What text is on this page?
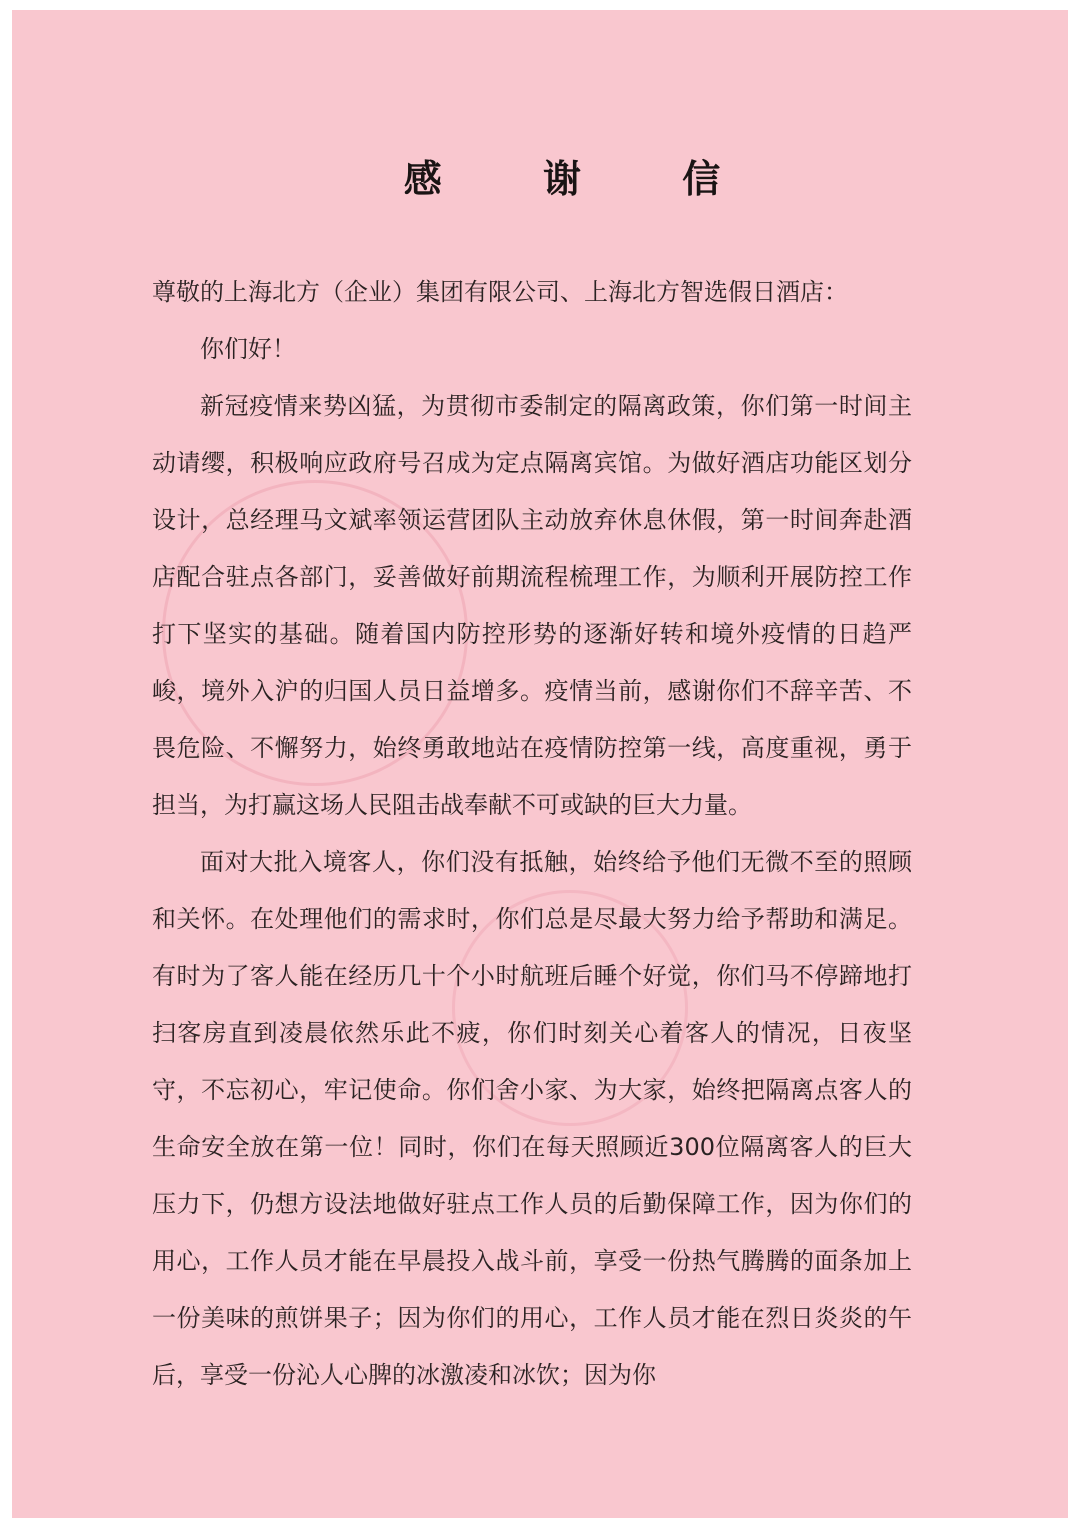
感 谢 信

尊敬的上海北方（企业）集团有限公司、上海北方智选假日酒店：

你们好！

新冠疫情来势凶猛，为贯彻市委制定的隔离政策，你们第一时间主动请缨，积极响应政府号召成为定点隔离宾馆。为做好酒店功能区划分设计，总经理马文斌率领运营团队主动放弃休息休假，第一时间奔赴酒店配合驻点各部门，妥善做好前期流程梳理工作，为顺利开展防控工作打下坚实的基础。随着国内防控形势的逐渐好转和境外疫情的日趋严峻，境外入沪的归国人员日益增多。疫情当前，感谢你们不辞辛苦、不畏危险、不懈努力，始终勇敢地站在疫情防控第一线，高度重视，勇于担当，为打赢这场人民阻击战奉献不可或缺的巨大力量。

面对大批入境客人，你们没有抵触，始终给予他们无微不至的照顾和关怀。在处理他们的需求时，你们总是尽最大努力给予帮助和满足。有时为了客人能在经历几十个小时航班后睡个好觉，你们马不停蹄地打扫客房直到凌晨依然乐此不疲，你们时刻关心着客人的情况，日夜坚守，不忘初心，牢记使命。你们舍小家、为大家，始终把隔离点客人的生命安全放在第一位！同时，你们在每天照顾近300位隔离客人的巨大压力下，仍想方设法地做好驻点工作人员的后勤保障工作，因为你们的用心，工作人员才能在早晨投入战斗前，享受一份热气腾腾的面条加上一份美味的煎饼果子；因为你们的用心，工作人员才能在烈日炎炎的午后，享受一份沁人心脾的冰激凌和冰饮；因为你
